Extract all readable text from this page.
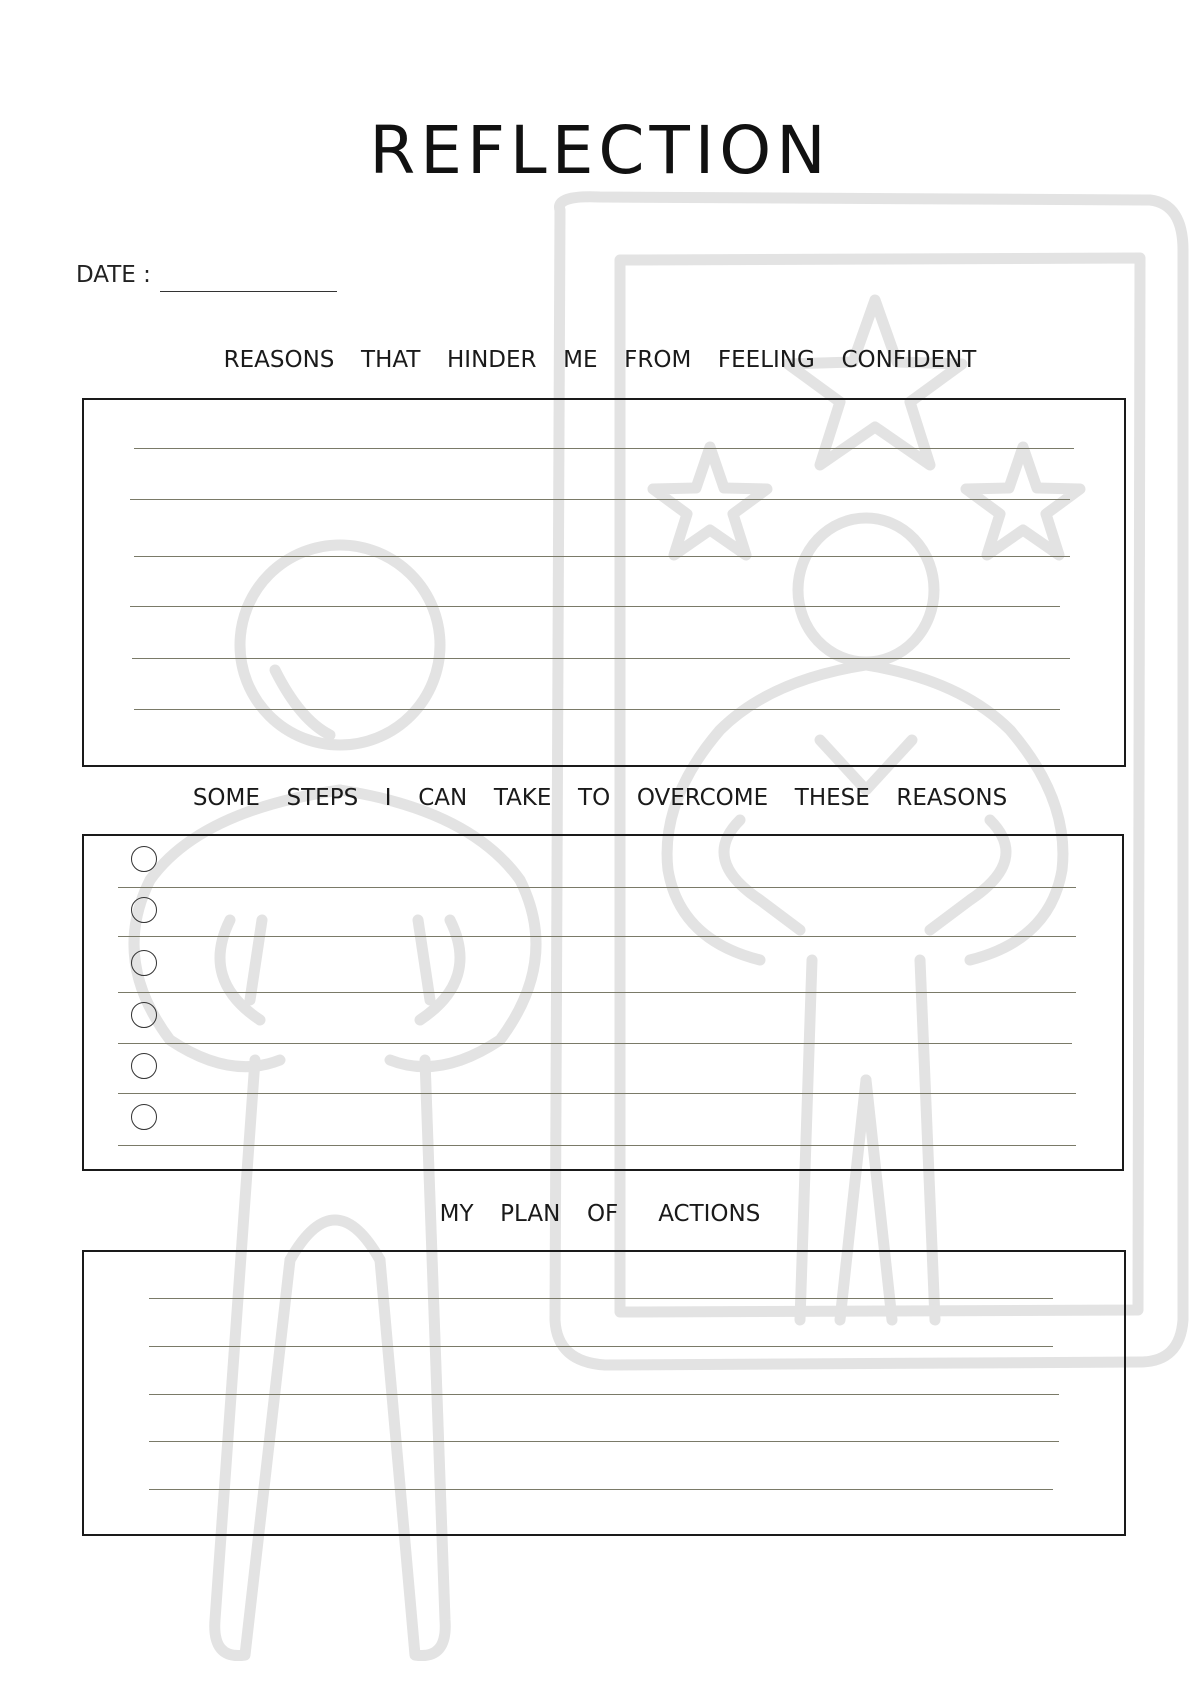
REFLECTION
DATE :
REASONS  THAT  HINDER  ME  FROM  FEELING  CONFIDENT
SOME  STEPS  I  CAN  TAKE  TO  OVERCOME  THESE  REASONS
MY  PLAN  OF   ACTIONS
